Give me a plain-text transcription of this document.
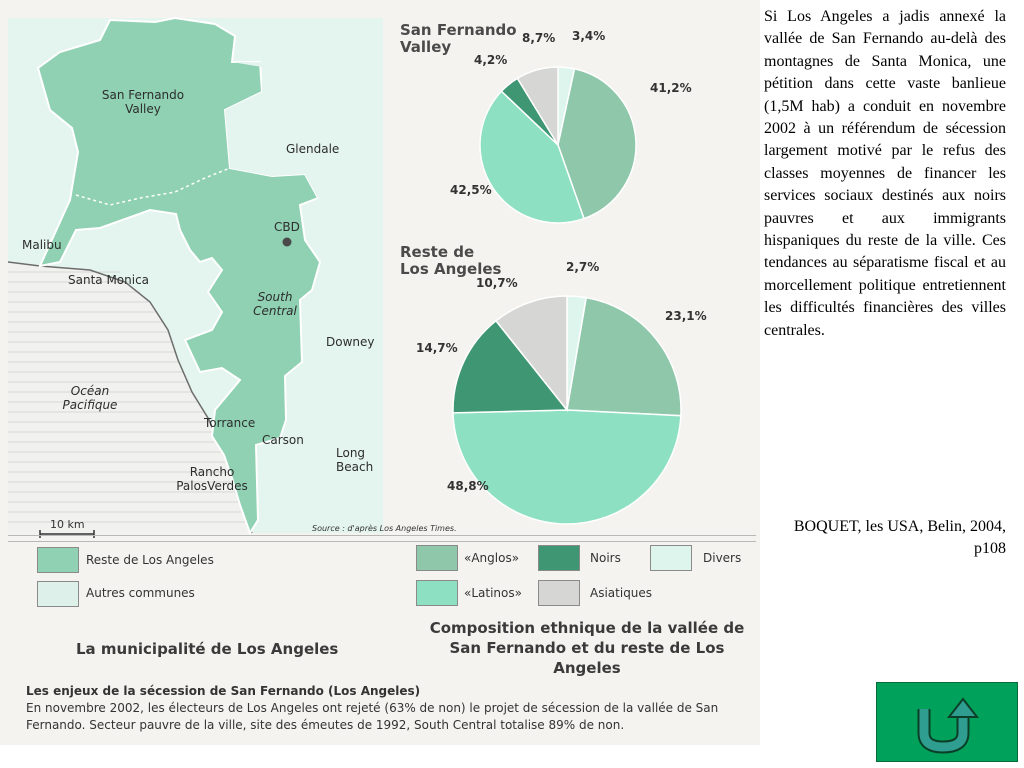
San Fernando
Valley
Glendale
CBD
Malibu
Santa Monica
South
Central
Downey
Océan
Pacifique
Torrance
Carson
Long
Beach
Rancho
PalosVerdes
10 km	Source : d'après Los Angeles Times.
San Fernando
Valley
Reste de
Los Angeles
3,4%
41,2%
42,5%
4,2%
8,7%
2,7%
23,1%
48,8%
14,7%
10,7%
Reste de Los Angeles
Autres communes
«Anglos»	Noirs	Divers
«Latinos»	Asiatiques
La municipalité de Los Angeles
Composition ethnique de la vallée de
San Fernando et du reste de Los Angeles
Les enjeux de la sécession de San Fernando (Los Angeles)
En novembre 2002, les électeurs de Los Angeles ont rejeté (63% de non) le projet de sécession de la vallée de San Fernando. Secteur pauvre de la ville, site des émeutes de 1992, South Central totalise 89% de non.
Si Los Angeles a jadis annexé la vallée de San Fernando au-delà des montagnes de Santa Monica, une pétition dans cette vaste banlieue (1,5M hab) a conduit en novembre 2002 à un référendum de sécession largement motivé par le refus des classes moyennes de financer les services sociaux destinés aux noirs pauvres et aux immigrants hispaniques du reste de la ville. Ces tendances au séparatisme fiscal et au morcellement politique entretiennent les difficultés financières des villes centrales.
BOQUET, les USA, Belin, 2004, p108
